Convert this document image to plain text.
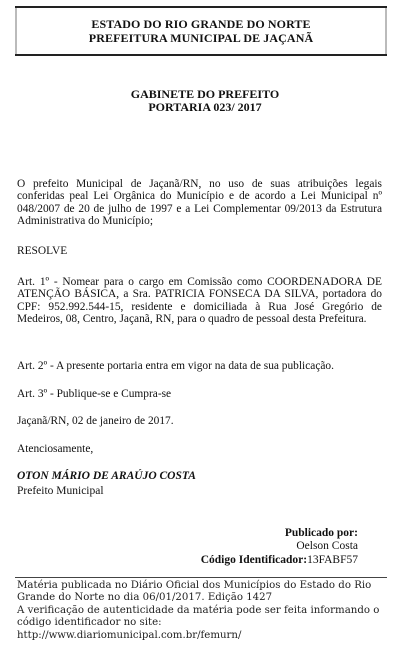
ESTADO DO RIO GRANDE DO NORTE
PREFEITURA MUNICIPAL DE JAÇANÃ
GABINETE DO PREFEITO
PORTARIA 023/ 2017
O prefeito Municipal de Jaçanã/RN, no uso de suas atribuições legais conferidas peal Lei Orgânica do Município e de acordo a Lei Municipal nº 048/2007 de 20 de julho de 1997 e a Lei Complementar 09/2013 da Estrutura Administrativa do Município;
RESOLVE
Art. 1º - Nomear para o cargo em Comissão como COORDENADORA DE ATENÇÃO BÁSICA, a Sra. PATRICIA FONSECA DA SILVA, portadora do CPF: 952.992.544-15, residente e domiciliada à Rua José Gregório de Medeiros, 08, Centro, Jaçanã, RN, para o quadro de pessoal desta Prefeitura.
Art. 2º - A presente portaria entra em vigor na data de sua publicação.
Art. 3º - Publique-se e Cumpra-se
Jaçanã/RN, 02 de janeiro de 2017.
Atenciosamente,
OTON MÁRIO DE ARAÚJO COSTA
Prefeito Municipal
Publicado por:
Oelson Costa
Código Identificador:13FABF57
Matéria publicada no Diário Oficial dos Municípios do Estado do Rio Grande do Norte no dia 06/01/2017. Edição 1427
A verificação de autenticidade da matéria pode ser feita informando o código identificador no site:
http://www.diariomunicipal.com.br/femurn/
